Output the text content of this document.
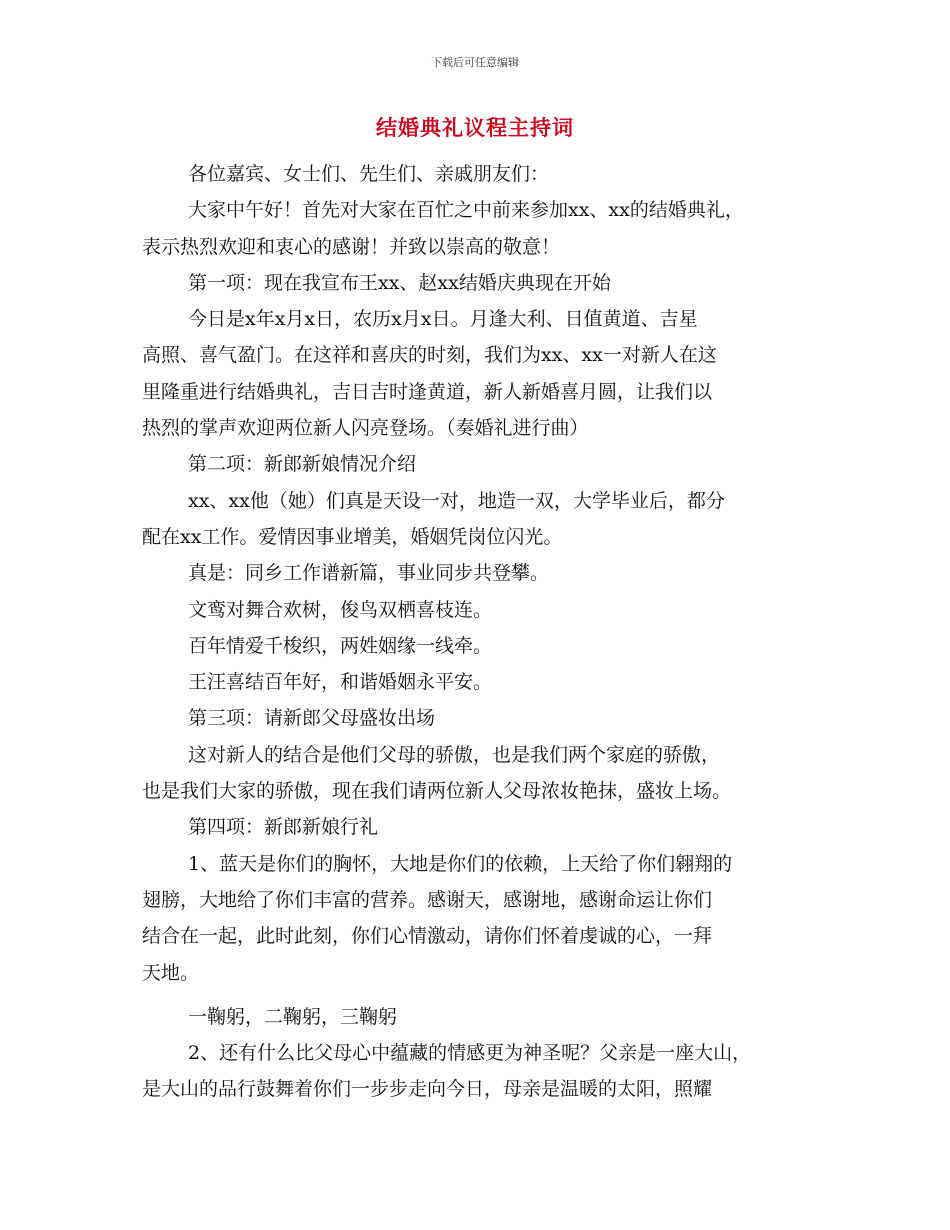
下载后可任意编辑
结婚典礼议程主持词
各位嘉宾、女士们、先生们、亲戚朋友们：
大家中午好！首先对大家在百忙之中前来参加xx、xx的结婚典礼，
表示热烈欢迎和衷心的感谢！并致以崇高的敬意！
第一项：现在我宣布王xx、赵xx结婚庆典现在开始
今日是x年x月x日，农历x月x日。月逢大利、日值黄道、吉星
高照、喜气盈门。在这祥和喜庆的时刻，我们为xx、xx一对新人在这
里隆重进行结婚典礼，吉日吉时逢黄道，新人新婚喜月圆，让我们以
热烈的掌声欢迎两位新人闪亮登场。（奏婚礼进行曲）
第二项：新郎新娘情况介绍
xx、xx他（她）们真是天设一对，地造一双，大学毕业后，都分
配在xx工作。爱情因事业增美，婚姻凭岗位闪光。
真是：同乡工作谱新篇，事业同步共登攀。
文鸾对舞合欢树，俊鸟双栖喜枝连。
百年情爱千梭织，两姓姻缘一线牵。
王汪喜结百年好，和谐婚姻永平安。
第三项：请新郎父母盛妆出场
这对新人的结合是他们父母的骄傲，也是我们两个家庭的骄傲，
也是我们大家的骄傲，现在我们请两位新人父母浓妆艳抹，盛妆上场。
第四项：新郎新娘行礼
1、蓝天是你们的胸怀，大地是你们的依赖，上天给了你们翱翔的
翅膀，大地给了你们丰富的营养。感谢天，感谢地，感谢命运让你们
结合在一起，此时此刻，你们心情激动，请你们怀着虔诚的心，一拜
天地。
一鞠躬，二鞠躬，三鞠躬
2、还有什么比父母心中蕴藏的情感更为神圣呢？父亲是一座大山，
是大山的品行鼓舞着你们一步步走向今日，母亲是温暖的太阳，照耀
